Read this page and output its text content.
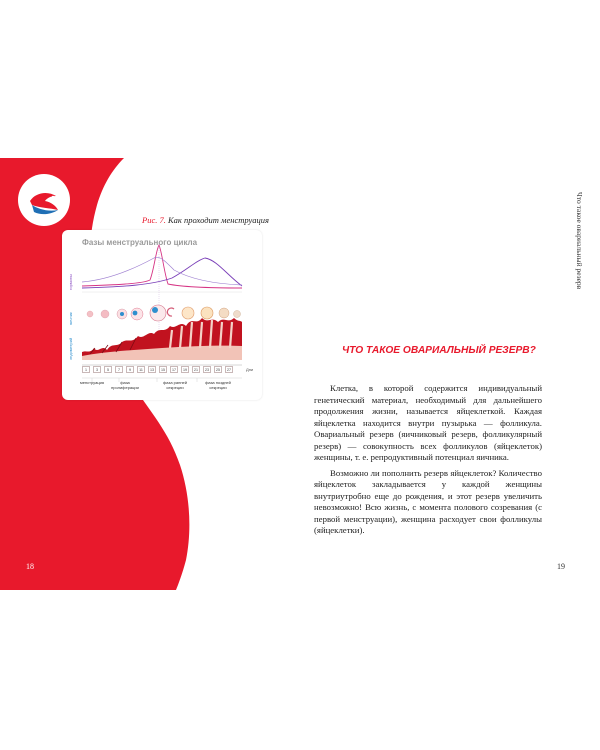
Рис. 7. Как проходит менструация
Фазы менструального цикла
гормоны
яичник
эндометрий
1	3	5	7	9	11	13	15	17	19	21	23	25	27	Дни
менструация	фаза
пролиферации
фаза ранней
секреции
фаза поздней
секреции
18
Что такое овариальный резерв
ЧТО ТАКОЕ ОВАРИАЛЬНЫЙ РЕЗЕРВ?

Клетка, в которой содержится индивидуальный генетический материал, необходимый для дальнейшего продолжения жизни, называется яйцеклеткой. Каждая яйцеклетка находится внутри пузырька — фолликула. Овариальный резерв (яичниковый резерв, фолликулярный резерв) — совокупность всех фолликулов (яйцеклеток) женщины, т. е. репродуктивный потенциал яичника.

Возможно ли пополнить резерв яйцеклеток? Количество яйцеклеток закладывается у каждой женщины внутриутробно еще до рождения, и этот резерв увеличить невозможно! Всю жизнь, с момента полового созревания (с первой менструации), женщина расходует свои фолликулы (яйцеклетки).

19
